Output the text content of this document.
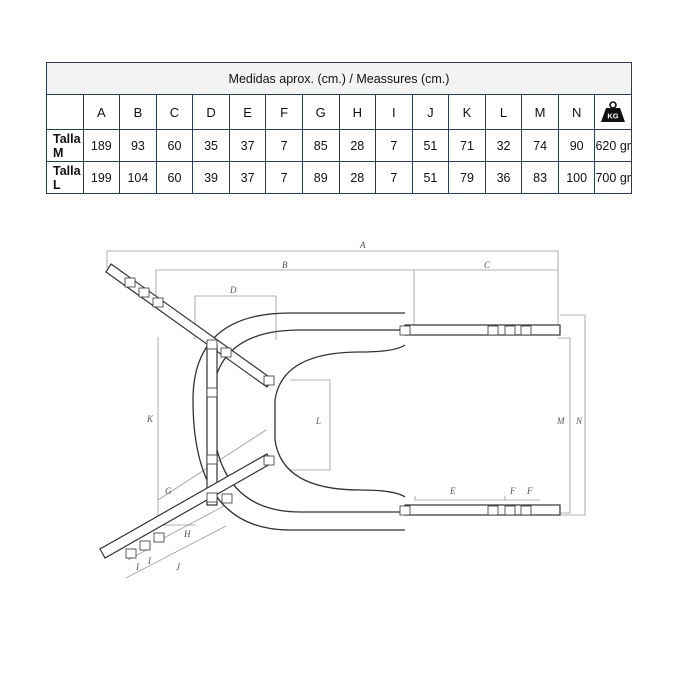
Medidas aprox. (cm.) / Meassures (cm.)															
	A	B	C	D	E	F	G	H	I	J	K	L	M	N	KG

Talla M	189	93	60	35	37	7	85	28	7	51	71	32	74	90	620 gr
Talla L	199	104	60	39	37	7	89	28	7	51	79	36	83	100	700 gr
A
B	C
D
E	F F
G
H
I
I
J
K	L	M N
